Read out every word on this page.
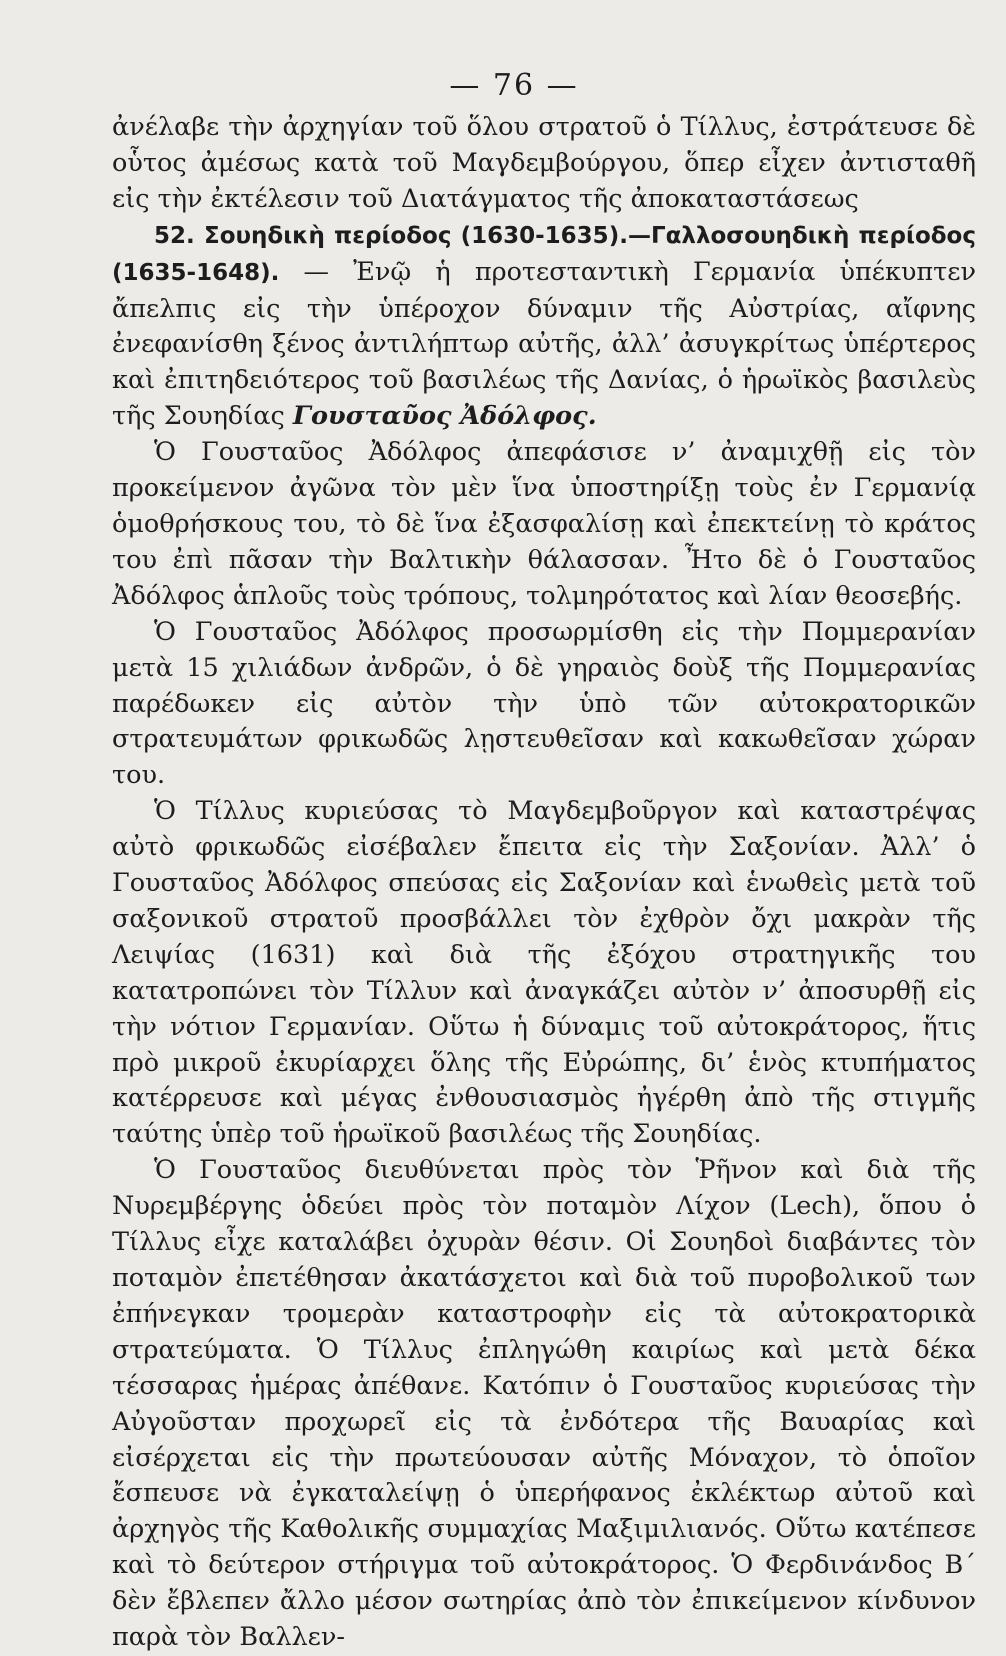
— 76 —

ἀνέλαβε τὴν ἀρχηγίαν τοῦ ὅλου στρατοῦ ὁ Τίλλυς, ἐστράτευσε δὲ οὗτος ἀμέσως κατὰ τοῦ Μαγδεμβούργου, ὅπερ εἶχεν ἀντισταθῆ εἰς τὴν ἐκτέλεσιν τοῦ Διατάγματος τῆς ἀποκαταστάσεως

52. Σουηδικὴ περίοδος (1630-1635).—Γαλλοσουηδικὴ περίοδος (1635-1648). — Ἐνῷ ἡ προτεσταντικὴ Γερμανία ὑπέκυπτεν ἄπελπις εἰς τὴν ὑπέροχον δύναμιν τῆς Αὐστρίας, αἴφνης ἐνεφανίσθη ξένος ἀντιλήπτωρ αὐτῆς, ἀλλ’ ἀσυγκρίτως ὑπέρτερος καὶ ἐπιτηδειότερος τοῦ βασιλέως τῆς Δανίας, ὁ ἡρωϊκὸς βασιλεὺς τῆς Σουηδίας Γουσταῦος Ἀδόλφος.

Ὁ Γουσταῦος Ἀδόλφος ἀπεφάσισε ν’ ἀναμιχθῇ εἰς τὸν προκείμενον ἀγῶνα τὸν μὲν ἵνα ὑποστηρίξῃ τοὺς ἐν Γερμανίᾳ ὁμοθρήσκους του, τὸ δὲ ἵνα ἐξασφαλίσῃ καὶ ἐπεκτείνῃ τὸ κράτος του ἐπὶ πᾶσαν τὴν Βαλτικὴν θάλασσαν. Ἦτο δὲ ὁ Γουσταῦος Ἀδόλφος ἁπλοῦς τοὺς τρόπους, τολμηρότατος καὶ λίαν θεοσεβής.

Ὁ Γουσταῦος Ἀδόλφος προσωρμίσθη εἰς τὴν Πομμερανίαν μετὰ 15 χιλιάδων ἀνδρῶν, ὁ δὲ γηραιὸς δοὺξ τῆς Πομμερανίας παρέδωκεν εἰς αὐτὸν τὴν ὑπὸ τῶν αὐτοκρατορικῶν στρατευμάτων φρικωδῶς λῃστευθεῖσαν καὶ κακωθεῖσαν χώραν του.

Ὁ Τίλλυς κυριεύσας τὸ Μαγδεμβοῦργον καὶ καταστρέψας αὐτὸ φρικωδῶς εἰσέβαλεν ἔπειτα εἰς τὴν Σαξονίαν. Ἀλλ’ ὁ Γουσταῦος Ἀδόλφος σπεύσας εἰς Σαξονίαν καὶ ἑνωθεὶς μετὰ τοῦ σαξονικοῦ στρατοῦ προσβάλλει τὸν ἐχθρὸν ὄχι μακρὰν τῆς Λειψίας (1631) καὶ διὰ τῆς ἐξόχου στρατηγικῆς του κατατροπώνει τὸν Τίλλυν καὶ ἀναγκάζει αὐτὸν ν’ ἀποσυρθῇ εἰς τὴν νότιον Γερμανίαν. Οὕτω ἡ δύναμις τοῦ αὐτοκράτορος, ἥτις πρὸ μικροῦ ἐκυρίαρχει ὅλης τῆς Εὐρώπης, δι’ ἑνὸς κτυπήματος κατέρρευσε καὶ μέγας ἐνθουσιασμὸς ἠγέρθη ἀπὸ τῆς στιγμῆς ταύτης ὑπὲρ τοῦ ἡρωϊκοῦ βασιλέως τῆς Σουηδίας.

Ὁ Γουσταῦος διευθύνεται πρὸς τὸν Ῥῆνον καὶ διὰ τῆς Νυρεμβέργης ὁδεύει πρὸς τὸν ποταμὸν Λίχον (Lech), ὅπου ὁ Τίλλυς εἶχε καταλάβει ὀχυρὰν θέσιν. Οἱ Σουηδοὶ διαβάντες τὸν ποταμὸν ἐπετέθησαν ἀκατάσχετοι καὶ διὰ τοῦ πυροβολικοῦ των ἐπήνεγκαν τρομερὰν καταστροφὴν εἰς τὰ αὐτοκρατορικὰ στρατεύματα. Ὁ Τίλλυς ἐπληγώθη καιρίως καὶ μετὰ δέκα τέσσαρας ἡμέρας ἀπέθανε. Κατόπιν ὁ Γουσταῦος κυριεύσας τὴν Αὐγοῦσταν προχωρεῖ εἰς τὰ ἐνδότερα τῆς Βαυαρίας καὶ εἰσέρχεται εἰς τὴν πρωτεύουσαν αὐτῆς Μόναχον, τὸ ὁποῖον ἔσπευσε νὰ ἐγκαταλείψῃ ὁ ὑπερήφανος ἐκλέκτωρ αὐτοῦ καὶ ἀρχηγὸς τῆς Καθολικῆς συμμαχίας Μαξιμιλιανός. Οὕτω κατέπεσε καὶ τὸ δεύτερον στήριγμα τοῦ αὐτοκράτορος. Ὁ Φερδινάνδος Β΄ δὲν ἔβλεπεν ἄλλο μέσον σωτηρίας ἀπὸ τὸν ἐπικείμενον κίνδυνον παρὰ τὸν Βαλλεν-
